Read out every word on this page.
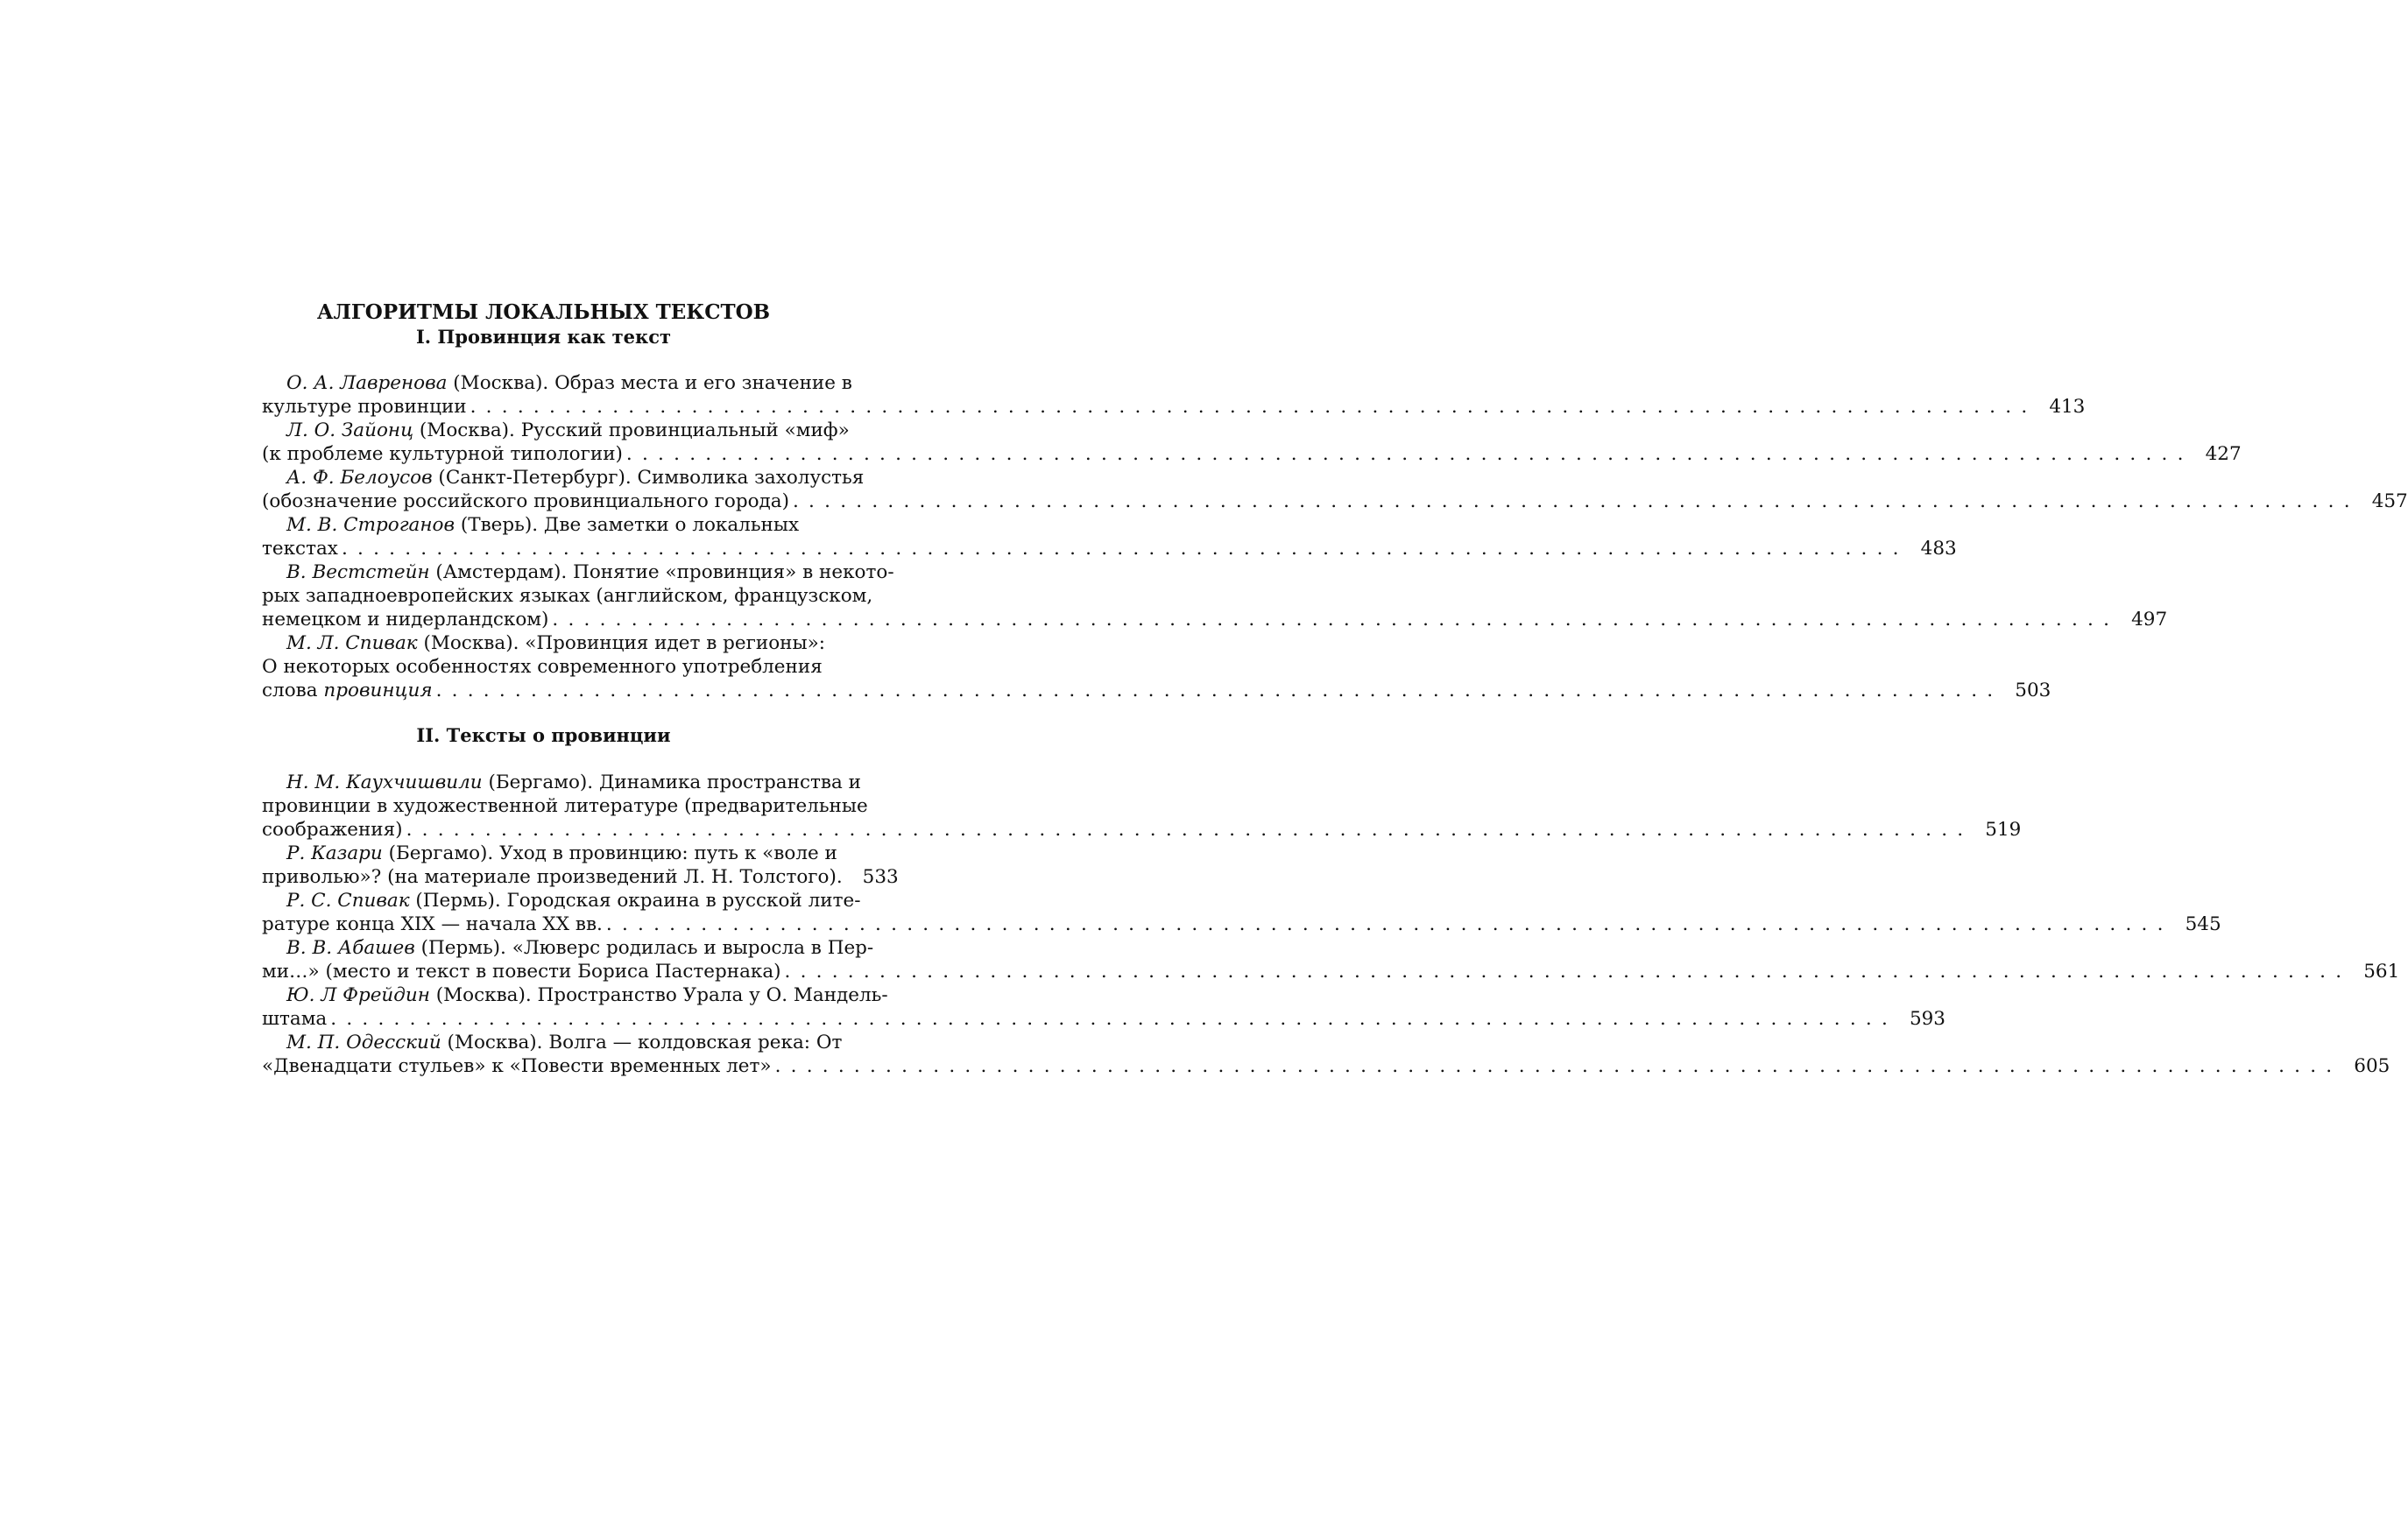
АЛГОРИТМЫ ЛОКАЛЬНЫХ ТЕКСТОВ
I. Провинция как текст
II. Тексты о провинции
О. А. Лавренова (Москва). Образ места и его значение в
культуре провинции . . .	413
Л. О. Зайонц (Москва). Русский провинциальный «миф»
(к проблеме культурной типологии) . . .	427
А. Ф. Белоусов (Санкт-Петербург). Символика захолустья
(обозначение российского провинциального города) . . .	457
М. В. Строганов (Тверь). Две заметки о локальных
текстах . . .	483
В. Вестстейн (Амстердам). Понятие «провинция» в некото-
рых западноевропейских языках (английском, французском,
немецком и нидерландском) . . .	497
М. Л. Спивак (Москва). «Провинция идет в регионы»:
О некоторых особенностях современного употребления
слова провинция . . .	503
Н. М. Каухчишвили (Бергамо). Динамика пространства и
провинции в художественной литературе (предварительные
соображения) . . .	519
Р. Казари (Бергамо). Уход в провинцию: путь к «воле и
приволью»? (на материале произведений Л. Н. Толстого).	533
Р. С. Спивак (Пермь). Городская окраина в русской лите-
ратуре конца XIX — начала XX вв. . . .	545
В. В. Абашев (Пермь). «Люверс родилась и выросла в Пер-
ми…» (место и текст в повести Бориса Пастернака) . . .	561
Ю. Л Фрейдин (Москва). Пространство Урала у О. Мандель-
штама . . .	593
М. П. Одесский (Москва). Волга — колдовская река: От
«Двенадцати стульев» к «Повести временных лет» . . .	605
